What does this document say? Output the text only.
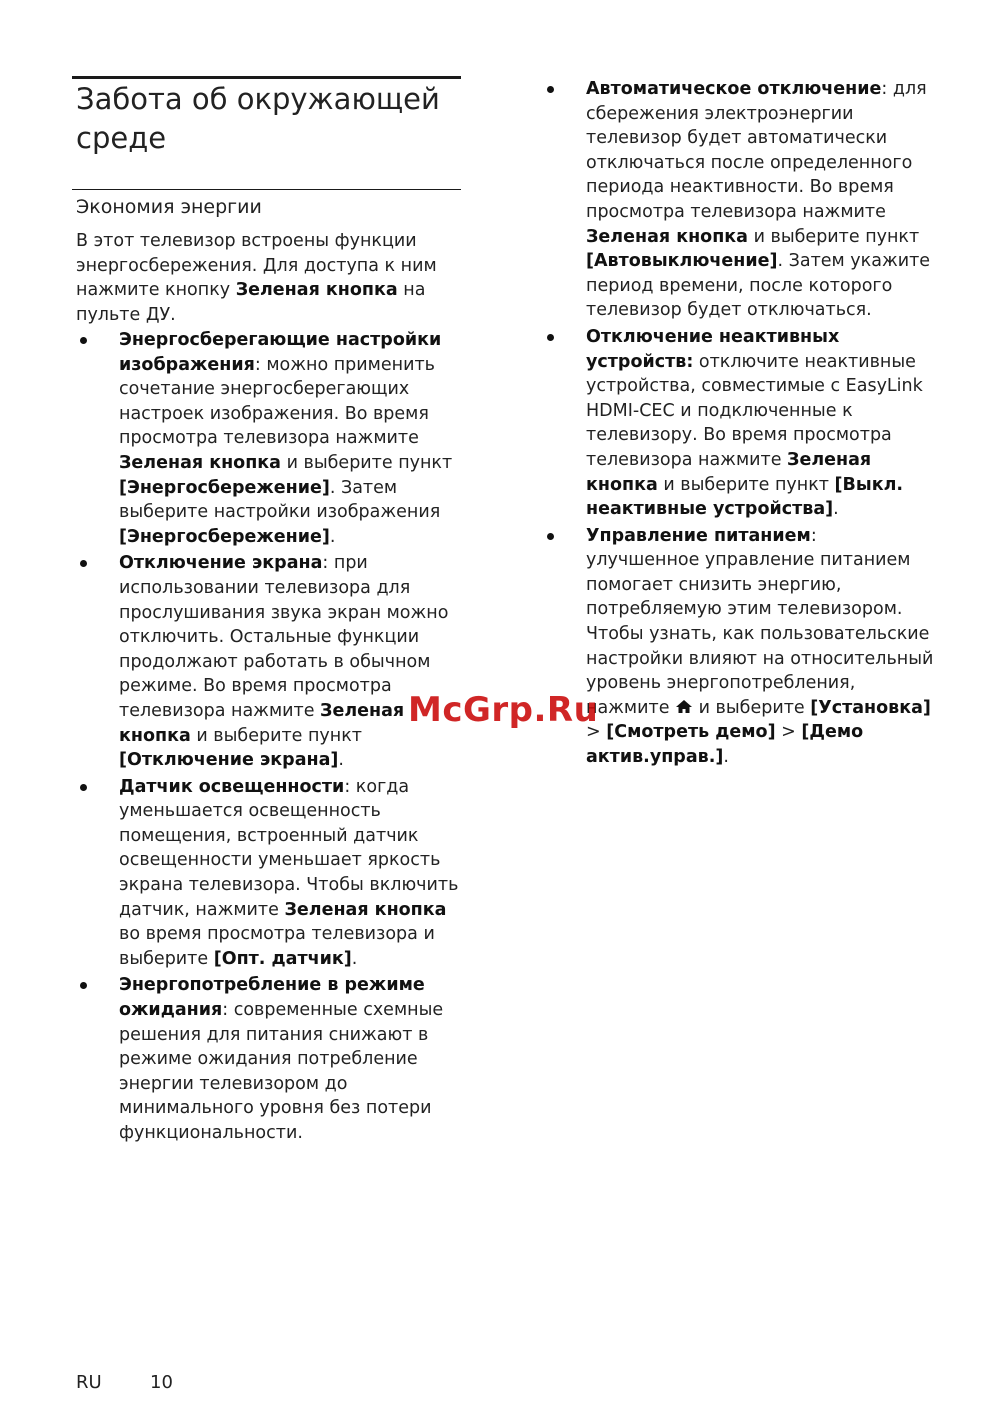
Забота об окружающей среде
Экономия энергии

В этот телевизор встроены функции энергосбережения. Для доступа к ним нажмите кнопку Зеленая кнопка на пульте ДУ.

Энергосберегающие настройки изображения: можно применить сочетание энергосберегающих настроек изображения. Во время просмотра телевизора нажмите Зеленая кнопка и выберите пункт [Энергосбережение]. Затем выберите настройки изображения [Энергосбережение].
Отключение экрана: при использовании телевизора для прослушивания звука экран можно отключить. Остальные функции продолжают работать в обычном режиме. Во время просмотра телевизора нажмите Зеленая кнопка и выберите пункт [Отключение экрана].
Датчик освещенности: когда уменьшается освещенность помещения, встроенный датчик освещенности уменьшает яркость экрана телевизора. Чтобы включить датчик, нажмите Зеленая кнопка во время просмотра телевизора и выберите [Опт. датчик].
Энергопотребление в режиме ожидания: современные схемные решения для питания снижают в режиме ожидания потребление энергии телевизором до минимального уровня без потери функциональности.
Автоматическое отключение: для сбережения электроэнергии телевизор будет автоматически отключаться после определенного периода неактивности. Во время просмотра телевизора нажмите Зеленая кнопка и выберите пункт [Автовыключение]. Затем укажите период времени, после которого телевизор будет отключаться.
Отключение неактивных устройств: отключите неактивные устройства, совместимые с EasyLink HDMI-CEC и подключенные к телевизору. Во время просмотра телевизора нажмите Зеленая кнопка и выберите пункт [Выкл. неактивные устройства].
Управление питанием: улучшенное управление питанием помогает снизить энергию, потребляемую этим телевизором. Чтобы узнать, как пользовательские настройки влияют на относительный уровень энергопотребления, нажмите  и выберите [Установка] > [Смотреть демо] > [Демо актив.управ.].
McGrp.Ru
RU	10
